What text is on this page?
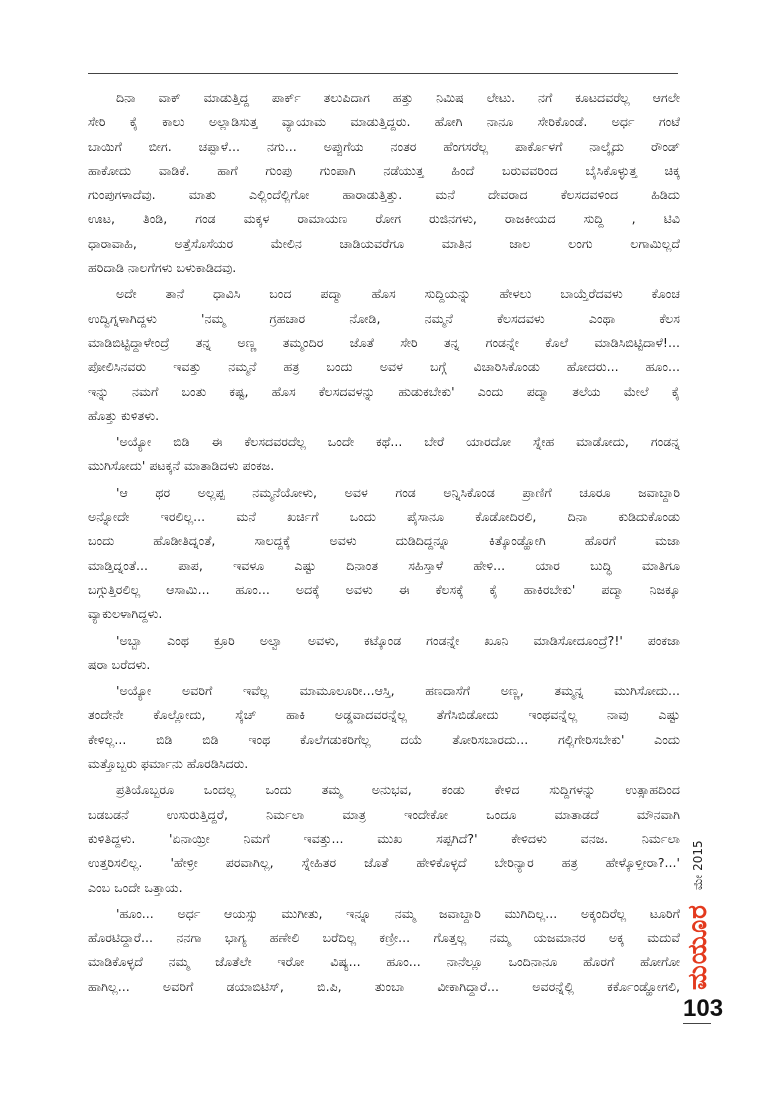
ದಿನಾ ವಾಕ್ ಮಾಡುತ್ತಿದ್ದ ಪಾರ್ಕ್ ತಲುಪಿದಾಗ ಹತ್ತು ನಿಮಿಷ ಲೇಟು. ನಗೆ ಕೂಟದವರೆಲ್ಲ ಆಗಲೇ
ಸೇರಿ ಕೈ ಕಾಲು ಅಲ್ಲಾಡಿಸುತ್ತ ವ್ಯಾಯಾಮ ಮಾಡುತ್ತಿದ್ದರು. ಹೋಗಿ ನಾನೂ ಸೇರಿಕೊಂಡೆ. ಅರ್ಧ ಗಂಟೆ
ಬಾಯಿಗೆ ಬೀಗ. ಚಪ್ಪಾಳೆ... ನಗು... ಅಪ್ಪುಗೆಯ ನಂತರ ಹೆಂಗಸರೆಲ್ಲ ಪಾರ್ಕೊಳಗೆ ನಾಲ್ಕೈದು ರೌಂಡ್
ಹಾಕೋದು ವಾಡಿಕೆ. ಹಾಗೆ ಗುಂಪು ಗುಂಪಾಗಿ ನಡೆಯುತ್ತ ಹಿಂದೆ ಬರುವವರಿಂದ ಬೈಸಿಕೊಳ್ಳುತ್ತ ಚಿಕ್ಕ
ಗುಂಪುಗಳಾದೆವು. ಮಾತು ಎಲ್ಲಿಂದೆಲ್ಲಿಗೋ ಹಾರಾಡುತ್ತಿತ್ತು. ಮನೆ ದೇವರಾದ ಕೆಲಸದವಳಿಂದ ಹಿಡಿದು
ಊಟ, ತಿಂಡಿ, ಗಂಡ ಮಕ್ಕಳ ರಾಮಾಯಣ ರೋಗ ರುಜಿನಗಳು, ರಾಜಕೀಯದ ಸುದ್ದಿ , ಟಿವಿ
ಧಾರಾವಾಹಿ, ಅತ್ತೆಸೊಸೆಯರ ಮೇಲಿನ ಚಾಡಿಯವರೆಗೂ ಮಾತಿನ ಜಾಲ ಲಂಗು ಲಗಾಮಿಲ್ಲದೆ
ಹರಿದಾಡಿ ನಾಲಗೆಗಳು ಬಳುಕಾಡಿದವು.
ಅದೇ ತಾನೆ ಧಾವಿಸಿ ಬಂದ ಪದ್ಮಾ ಹೊಸ ಸುದ್ದಿಯನ್ನು ಹೇಳಲು ಬಾಯ್ತೆರೆದವಳು ಕೊಂಚ
ಉದ್ವಿಗ್ನಳಾಗಿದ್ದಳು 'ನಮ್ಮ ಗ್ರಹಚಾರ ನೋಡಿ, ನಮ್ಮನೆ ಕೆಲಸದವಳು ಎಂಥಾ ಕೆಲಸ
ಮಾಡಿಬಿಟ್ಟಿದ್ದಾಳೇಂದ್ರೆ ತನ್ನ ಅಣ್ಣ ತಮ್ಮಂದಿರ ಜೊತೆ ಸೇರಿ ತನ್ನ ಗಂಡನ್ನೇ ಕೊಲೆ ಮಾಡಿಸಿಬಿಟ್ಟಿದಾಳೆ!...
ಪೋಲಿಸಿನವರು ಇವತ್ತು ನಮ್ಮನೆ ಹತ್ರ ಬಂದು ಅವಳ ಬಗ್ಗೆ ವಿಚಾರಿಸಿಕೊಂಡು ಹೋದರು... ಹೂಂ...
ಇನ್ನು ನಮಗೆ ಬಂತು ಕಷ್ಟ, ಹೊಸ ಕೆಲಸದವಳನ್ನು ಹುಡುಕಬೇಕು' ಎಂದು ಪದ್ಮಾ ತಲೆಯ ಮೇಲೆ ಕೈ
ಹೊತ್ತು ಕುಳಿತಳು.
'ಅಯ್ಯೋ ಬಿಡಿ ಈ ಕೆಲಸದವರದೆಲ್ಲ ಒಂದೇ ಕಥೆ... ಬೇರೆ ಯಾರದೋ ಸ್ನೇಹ ಮಾಡೋದು, ಗಂಡನ್ನ
ಮುಗಿಸೋದು' ಪಟಕ್ಕನೆ ಮಾತಾಡಿದಳು ಪಂಕಜ.
'ಆ ಥರ ಅಲ್ಲಪ್ಪ ನಮ್ಮನೆಯೋಳು, ಅವಳ ಗಂಡ ಅನ್ನಿಸಿಕೊಂಡ ಪ್ರಾಣಿಗೆ ಚೂರೂ ಜವಾಬ್ದಾರಿ
ಅನ್ನೋದೇ ಇರಲಿಲ್ಲ... ಮನೆ ಖರ್ಚಿಗೆ ಒಂದು ಪೈಸಾನೂ ಕೊಡೋದಿರಲಿ, ದಿನಾ ಕುಡಿದುಕೊಂಡು
ಬಂದು ಹೊಡೀತಿದ್ನಂತೆ, ಸಾಲದ್ದಕ್ಕೆ ಅವಳು ದುಡಿದಿದ್ದನ್ನೂ ಕಿತ್ಕೊಂಡ್ಹೋಗಿ ಹೊರಗೆ ಮಜಾ
ಮಾಡ್ತಿದ್ನಂತೆ... ಪಾಪ, ಇವಳೂ ಎಷ್ಟು ದಿನಾಂತ ಸಹಿಸ್ತಾಳೆ ಹೇಳಿ... ಯಾರ ಬುದ್ಧಿ ಮಾತಿಗೂ
ಬಗ್ಗುತ್ತಿರಲಿಲ್ಲ ಆಸಾಮಿ... ಹೂಂ... ಅದಕ್ಕೆ ಅವಳು ಈ ಕೆಲಸಕ್ಕೆ ಕೈ ಹಾಕಿರಬೇಕು' ಪದ್ಮಾ ನಿಜಕ್ಕೂ
ವ್ಯಾಕುಲಳಾಗಿದ್ದಳು.
'ಅಬ್ಬಾ ಎಂಥ ಕ್ರೂರಿ ಅಲ್ವಾ ಅವಳು, ಕಟ್ಕೊಂಡ ಗಂಡನ್ನೇ ಖೂನಿ ಮಾಡಿಸೋದೂಂದ್ರೆ?!' ಪಂಕಜಾ
ಷರಾ ಬರೆದಳು.
'ಅಯ್ಯೋ ಅವರಿಗೆ ಇವೆಲ್ಲ ಮಾಮೂಲೂರೀ...ಆಸ್ತಿ, ಹಣದಾಸೆಗೆ ಅಣ್ಣ, ತಮ್ಮನ್ನ ಮುಗಿಸೋದು...
ತಂದೇನೇ ಕೊಲ್ಲೋದು, ಸ್ಕೆಚ್ ಹಾಕಿ ಅಡ್ಡವಾದವರನ್ನೆಲ್ಲ ತೆಗೆಸಿಬಿಡೋದು ಇಂಥವನ್ನೆಲ್ಲ ನಾವು ಎಷ್ಟು
ಕೇಳಿಲ್ಲ... ಬಿಡಿ ಬಿಡಿ ಇಂಥ ಕೊಲೆಗಡುಕರಿಗೆಲ್ಲ ದಯೆ ತೋರಿಸಬಾರದು... ಗಲ್ಲಿಗೇರಿಸಬೇಕು' ಎಂದು
ಮತ್ತೊಬ್ಬರು ಫರ್ಮಾನು ಹೊರಡಿಸಿದರು.
ಪ್ರತಿಯೊಬ್ಬರೂ ಒಂದಲ್ಲ ಒಂದು ತಮ್ಮ ಅನುಭವ, ಕಂಡು ಕೇಳಿದ ಸುದ್ದಿಗಳನ್ನು ಉತ್ಸಾಹದಿಂದ
ಬಡಬಡನೆ ಉಸುರುತ್ತಿದ್ದರೆ, ನಿರ್ಮಲಾ ಮಾತ್ರ ಇಂದೇಕೋ ಒಂದೂ ಮಾತಾಡದೆ ಮೌನವಾಗಿ
ಕುಳಿತಿದ್ದಳು. 'ಏನಾಯ್ರೀ ನಿಮಗೆ ಇವತ್ತು... ಮುಖ ಸಪ್ಪಗಿದೆ?' ಕೇಳಿದಳು ವನಜ. ನಿರ್ಮಲಾ
ಉತ್ತರಿಸಲಿಲ್ಲ. 'ಹೇಳ್ರೀ ಪರವಾಗಿಲ್ಲ, ಸ್ನೇಹಿತರ ಜೊತೆ ಹೇಳಿಕೊಳ್ಳದೆ ಬೇರಿನ್ಯಾರ ಹತ್ರ ಹೇಳ್ಕೊಳ್ತೀರಾ?...'
ಎಂಬ ಒಂದೇ ಒತ್ತಾಯ.
'ಹೂಂ... ಅರ್ಧ ಆಯಸ್ಸು ಮುಗೀತು, ಇನ್ನೂ ನಮ್ಮ ಜವಾಬ್ದಾರಿ ಮುಗಿದಿಲ್ಲ... ಅಕ್ಕಂದಿರೆಲ್ಲ ಟೂರಿಗೆ
ಹೊರಟಿದ್ದಾರೆ... ನನಗಾ ಭಾಗ್ಯ ಹಣೇಲಿ ಬರೆದಿಲ್ಲ ಕಣ್ರೀ... ಗೊತ್ತಲ್ಲ ನಮ್ಮ ಯಜಮಾನರ ಅಕ್ಕ ಮದುವೆ
ಮಾಡಿಕೊಳ್ಳದೆ ನಮ್ಮ ಜೊತೆಲೇ ಇರೋ ವಿಷ್ಯ... ಹೂಂ... ನಾನೆಲ್ಲೂ ಒಂದಿನಾನೂ ಹೊರಗೆ ಹೋಗೋ
ಹಾಗಿಲ್ಲ... ಅವರಿಗೆ ಡಯಾಬಿಟಿಸ್, ಬಿ.ಪಿ, ತುಂಬಾ ವೀಕಾಗಿದ್ದಾರೆ... ಅವರನ್ನೆಲ್ಲಿ ಕರ್ಕೊಂಡ್ಹೋಗಲಿ, ಮಯೂರ
ಮೇ 2015
103
